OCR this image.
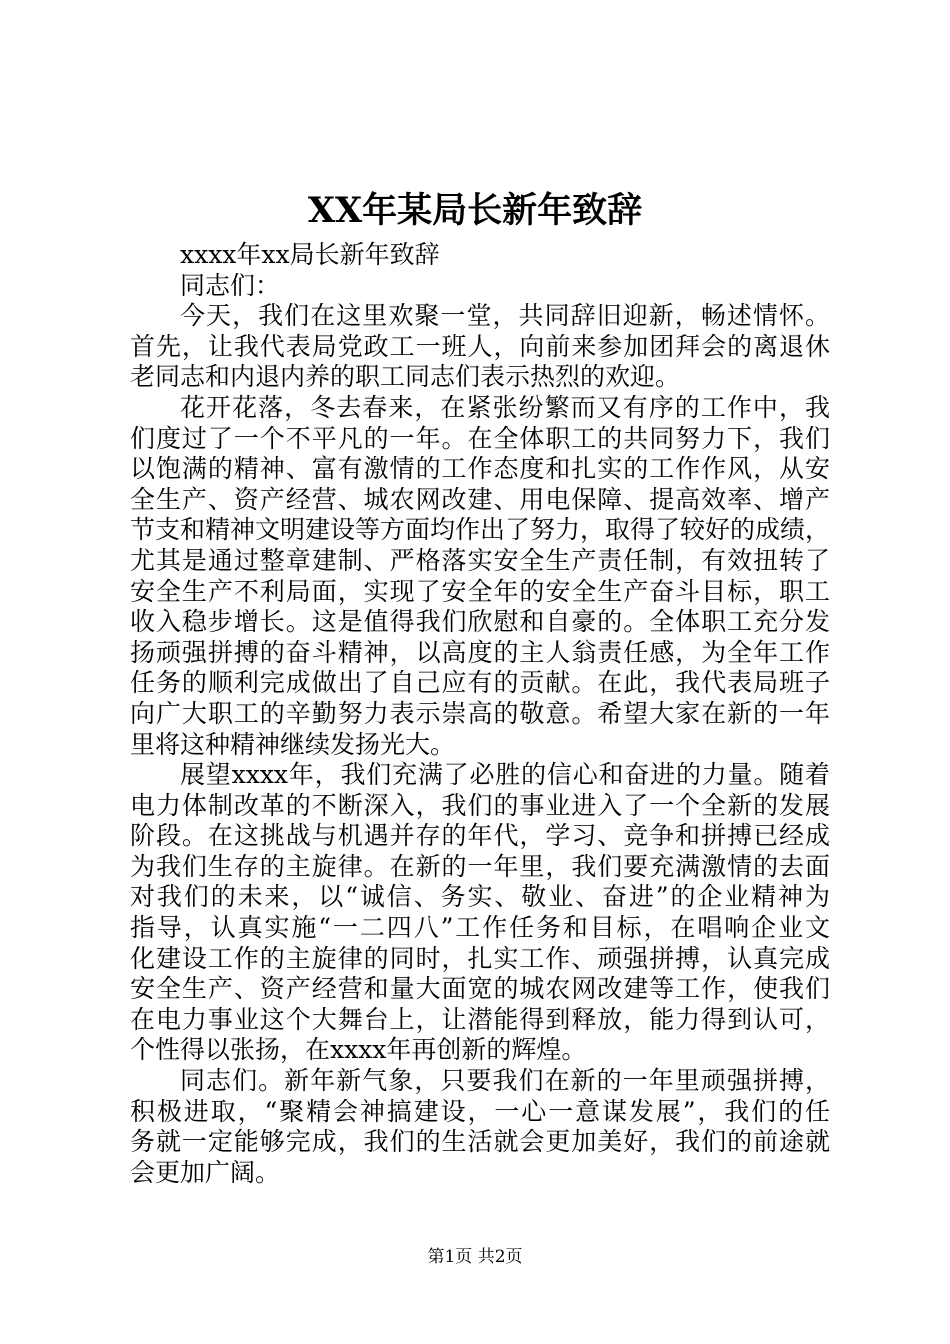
XX年某局长新年致辞
xxxx年xx局长新年致辞
同志们：
今天，我们在这里欢聚一堂，共同辞旧迎新，畅述情怀。
首先，让我代表局党政工一班人，向前来参加团拜会的离退休
老同志和内退内养的职工同志们表示热烈的欢迎。
花开花落，冬去春来，在紧张纷繁而又有序的工作中，我
们度过了一个不平凡的一年。在全体职工的共同努力下，我们
以饱满的精神、富有激情的工作态度和扎实的工作作风，从安
全生产、资产经营、城农网改建、用电保障、提高效率、增产
节支和精神文明建设等方面均作出了努力，取得了较好的成绩，
尤其是通过整章建制、严格落实安全生产责任制，有效扭转了
安全生产不利局面，实现了安全年的安全生产奋斗目标，职工
收入稳步增长。这是值得我们欣慰和自豪的。全体职工充分发
扬顽强拼搏的奋斗精神，以高度的主人翁责任感，为全年工作
任务的顺利完成做出了自己应有的贡献。在此，我代表局班子
向广大职工的辛勤努力表示崇高的敬意。希望大家在新的一年
里将这种精神继续发扬光大。
展望xxxx年，我们充满了必胜的信心和奋进的力量。随着
电力体制改革的不断深入，我们的事业进入了一个全新的发展
阶段。在这挑战与机遇并存的年代，学习、竞争和拼搏已经成
为我们生存的主旋律。在新的一年里，我们要充满激情的去面
对我们的未来，以“诚信、务实、敬业、奋进”的企业精神为
指导，认真实施“一二四八”工作任务和目标，在唱响企业文
化建设工作的主旋律的同时，扎实工作、顽强拼搏，认真完成
安全生产、资产经营和量大面宽的城农网改建等工作，使我们
在电力事业这个大舞台上，让潜能得到释放，能力得到认可，
个性得以张扬，在xxxx年再创新的辉煌。
同志们。新年新气象，只要我们在新的一年里顽强拼搏，
积极进取，“聚精会神搞建设，一心一意谋发展”，我们的任
务就一定能够完成，我们的生活就会更加美好，我们的前途就
会更加广阔。
第1页 共2页
